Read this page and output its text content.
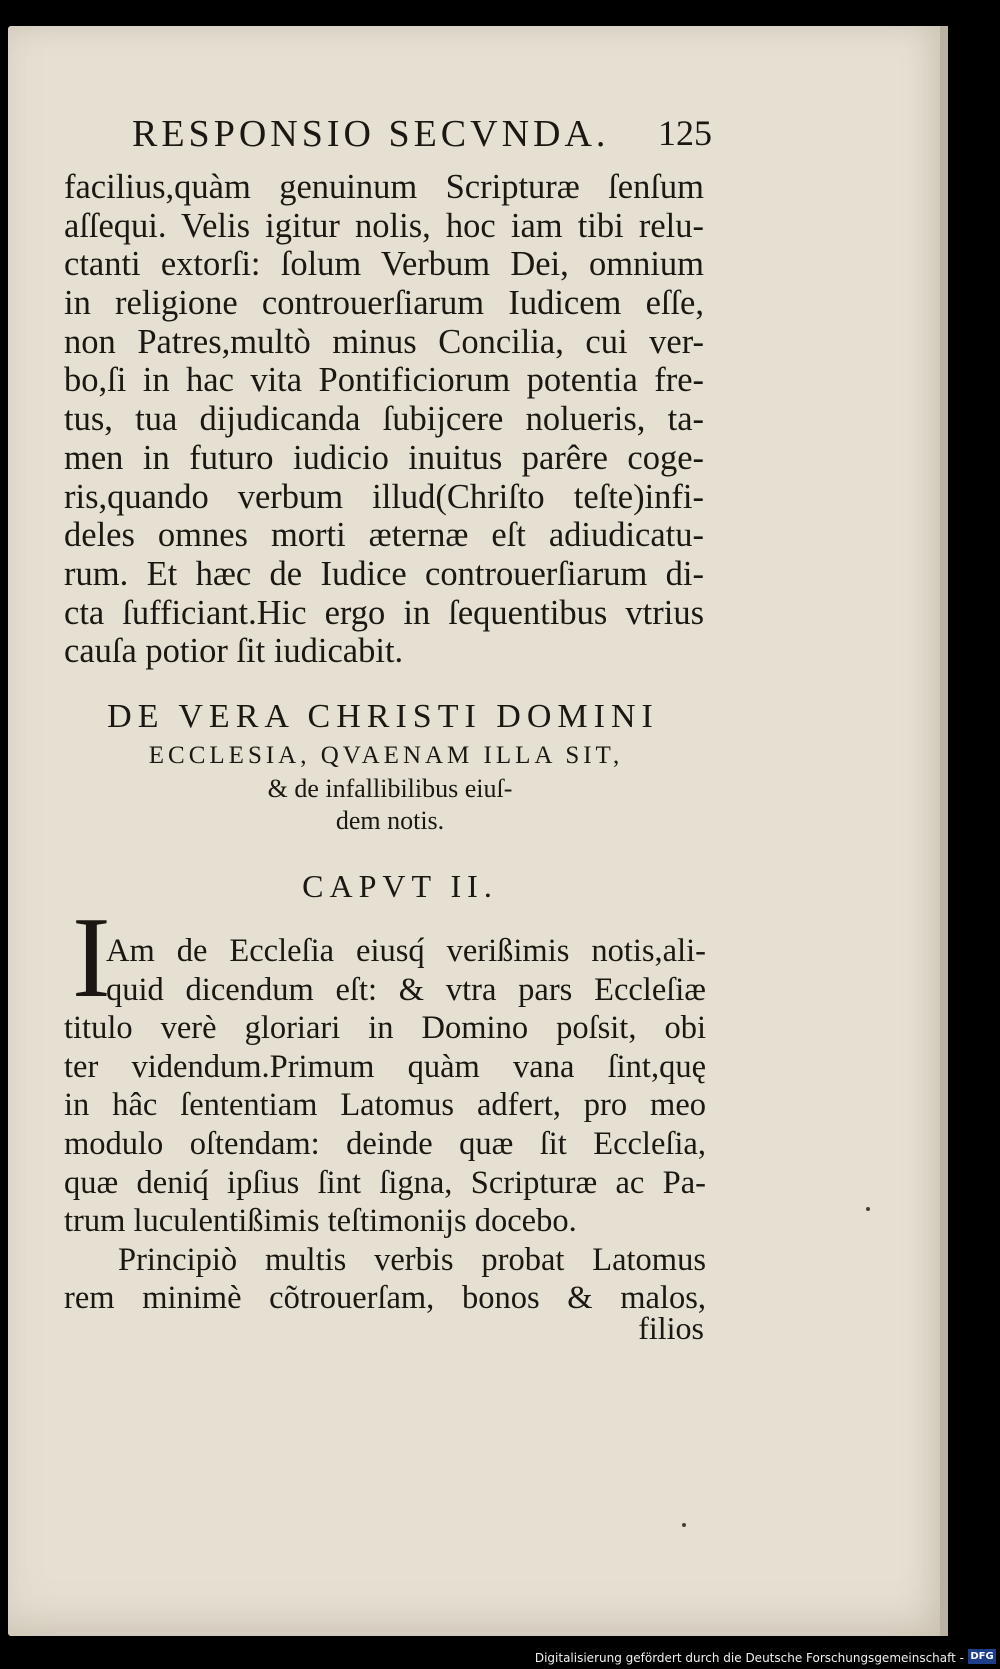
RESPONSIO SECVNDA. 125
facilius,quàm genuinum Scripturæ ſenſum
aſſequi. Velis igitur nolis, hoc iam tibi relu-
ctanti extorſi: ſolum Verbum Dei, omnium
in religione controuerſiarum Iudicem eſſe,
non Patres,multò minus Concilia, cui ver-
bo,ſi in hac vita Pontificiorum potentia fre-
tus, tua dijudicanda ſubijcere nolueris, ta-
men in futuro iudicio inuitus parêre coge-
ris,quando verbum illud(Chriſto teſte)infi-
deles omnes morti æternæ eſt adiudicatu-
rum. Et hæc de Iudice controuerſiarum di-
cta ſufficiant.Hic ergo in ſequentibus vtrius
cauſa potior ſit iudicabit.
DE VERA CHRISTI DOMINI
ECCLESIA, QVAENAM ILLA SIT,
& de infallibilibus eiuſ-
dem notis.
CAPVT II.
I
Am de Eccleſia eiusq́ verißimis notis,ali-
quid dicendum eſt: & vtra pars Eccleſiæ
titulo verè gloriari in Domino poſsit, obi
ter videndum.Primum quàm vana ſint,quę
in hâc ſententiam Latomus adfert, pro meo
modulo oſtendam: deinde quæ ſit Eccleſia,
quæ deniq́ ipſius ſint ſigna, Scripturæ ac Pa-
trum luculentißimis teſtimonijs docebo.
Principiò multis verbis probat Latomus
rem minimè cõtrouerſam, bonos & malos,
filios
Digitalisierung gefördert durch die Deutsche Forschungsgemeinschaft - DFG
